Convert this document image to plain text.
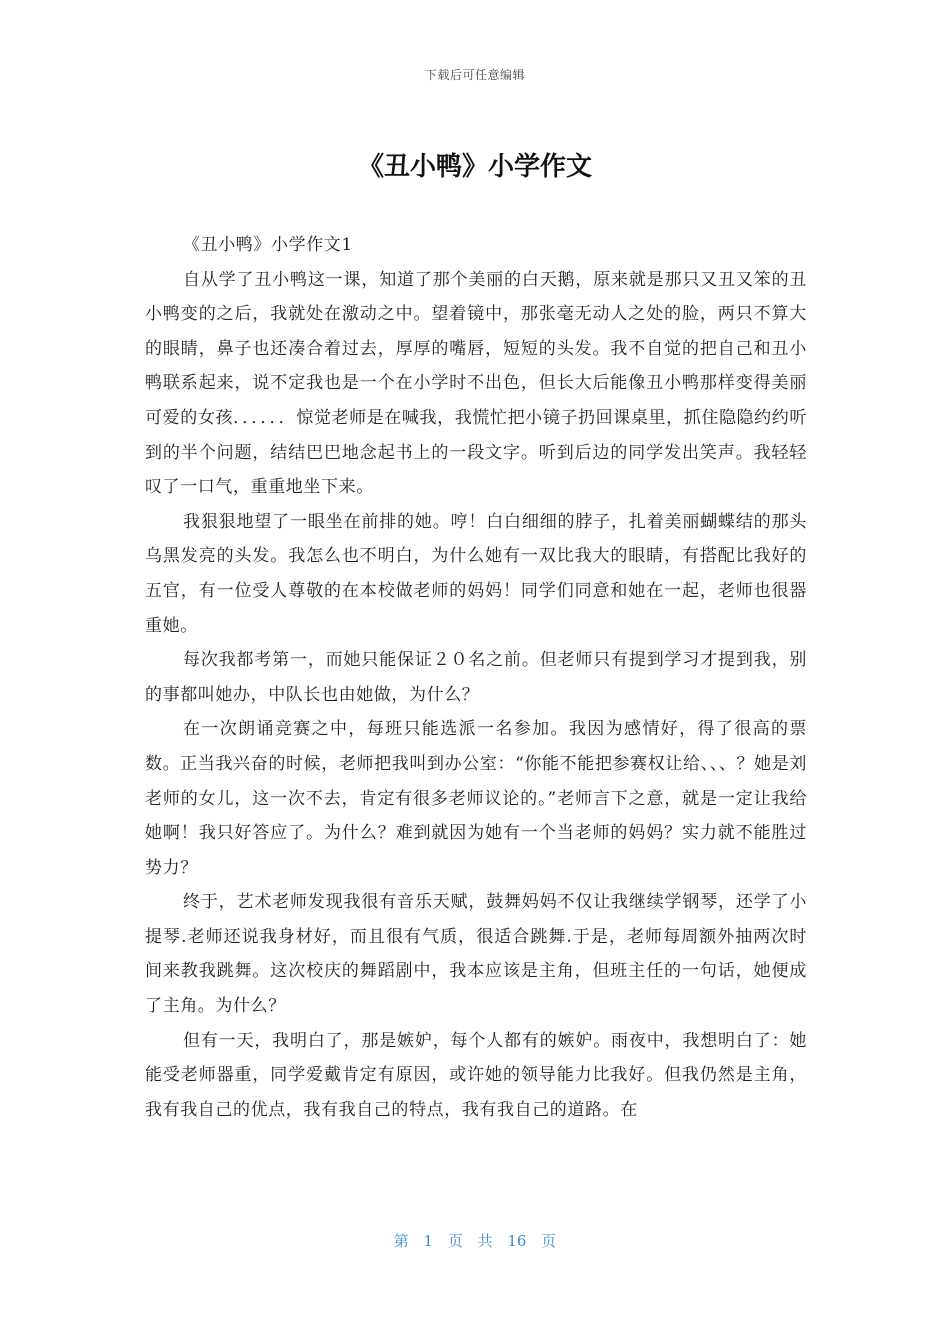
下载后可任意编辑
《丑小鸭》小学作文

《丑小鸭》小学作文1

自从学了丑小鸭这一课，知道了那个美丽的白天鹅，原来就是那只又丑又笨的丑小鸭变的之后，我就处在激动之中。望着镜中，那张毫无动人之处的脸，两只不算大的眼睛，鼻子也还凑合着过去，厚厚的嘴唇，短短的头发。我不自觉的把自己和丑小鸭联系起来，说不定我也是一个在小学时不出色，但长大后能像丑小鸭那样变得美丽可爱的女孩．．．．．．惊觉老师是在喊我，我慌忙把小镜子扔回课桌里，抓住隐隐约约听到的半个问题，结结巴巴地念起书上的一段文字。听到后边的同学发出笑声。我轻轻叹了一口气，重重地坐下来。

我狠狠地望了一眼坐在前排的她。哼！白白细细的脖子，扎着美丽蝴蝶结的那头乌黑发亮的头发。我怎么也不明白，为什么她有一双比我大的眼睛，有搭配比我好的五官，有一位受人尊敬的在本校做老师的妈妈！同学们同意和她在一起，老师也很器重她。

每次我都考第一，而她只能保证２０名之前。但老师只有提到学习才提到我，别的事都叫她办，中队长也由她做，为什么？

在一次朗诵竞赛之中，每班只能选派一名参加。我因为感情好，得了很高的票数。正当我兴奋的时候，老师把我叫到办公室：“你能不能把参赛权让给、、、？她是刘老师的女儿，这一次不去，肯定有很多老师议论的。”老师言下之意，就是一定让我给她啊！我只好答应了。为什么？难到就因为她有一个当老师的妈妈？实力就不能胜过势力？

终于，艺术老师发现我很有音乐天赋，鼓舞妈妈不仅让我继续学钢琴，还学了小提琴.老师还说我身材好，而且很有气质，很适合跳舞.于是，老师每周额外抽两次时间来教我跳舞。这次校庆的舞蹈剧中，我本应该是主角，但班主任的一句话，她便成了主角。为什么？

但有一天，我明白了，那是嫉妒，每个人都有的嫉妒。雨夜中，我想明白了：她能受老师器重，同学爱戴肯定有原因，或许她的领导能力比我好。但我仍然是主角，我有我自己的优点，我有我自己的特点，我有我自己的道路。在

第 1 页 共 16 页
